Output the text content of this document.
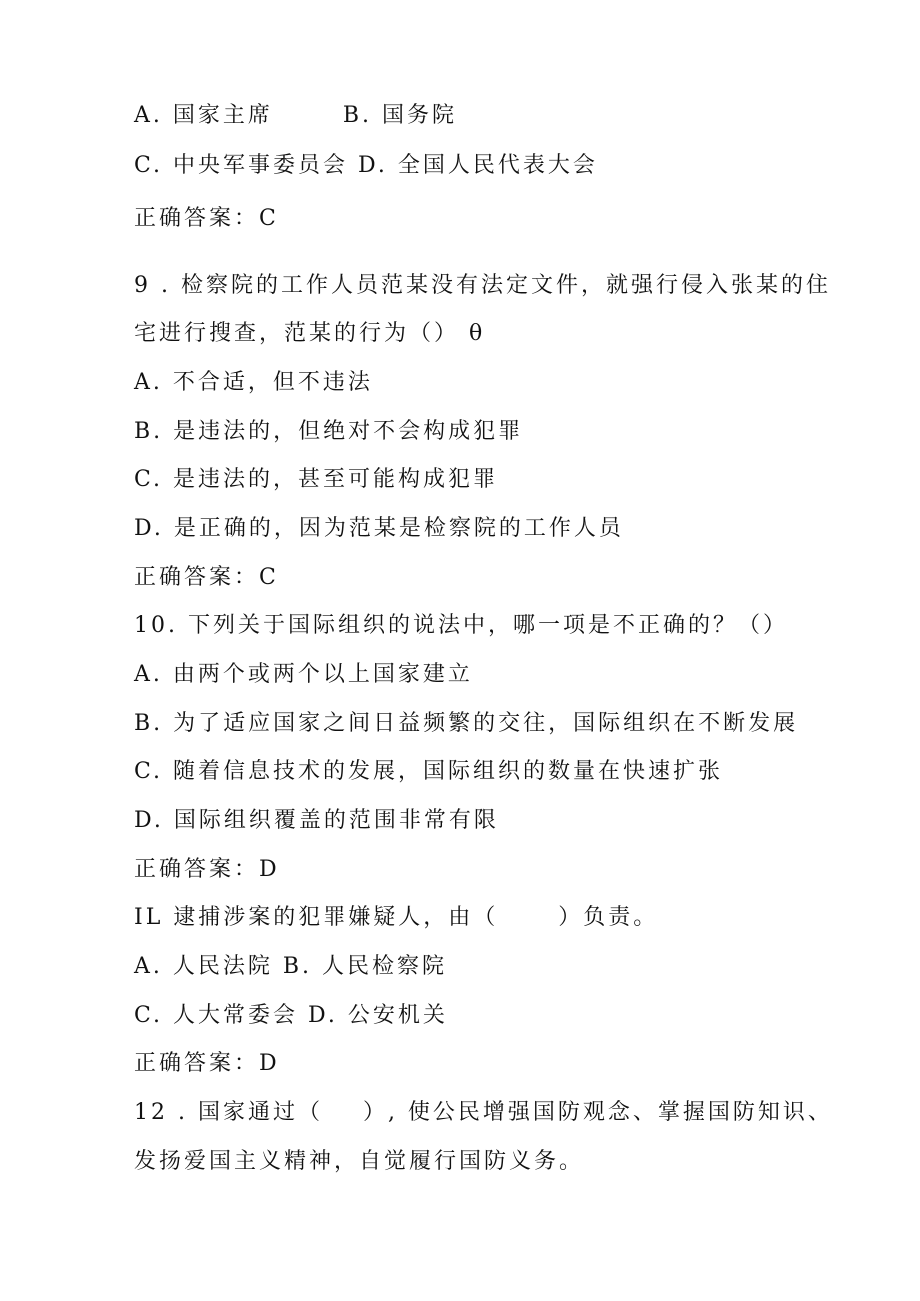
A. 国家主席       B. 国务院
C. 中央军事委员会 D. 全国人民代表大会
正确答案：C
9 . 检察院的工作人员范某没有法定文件，就强行侵入张某的住
宅进行搜查，范某的行为（） θ
A. 不合适，但不违法
B. 是违法的，但绝对不会构成犯罪
C. 是违法的，甚至可能构成犯罪
D. 是正确的，因为范某是检察院的工作人员
正确答案：C
10. 下列关于国际组织的说法中，哪一项是不正确的？（）
A. 由两个或两个以上国家建立
B. 为了适应国家之间日益频繁的交往，国际组织在不断发展
C. 随着信息技术的发展，国际组织的数量在快速扩张
D. 国际组织覆盖的范围非常有限
正确答案：D
IL 逮捕涉案的犯罪嫌疑人，由（      ）负责。
A. 人民法院 B. 人民检察院
C. 人大常委会 D. 公安机关
正确答案：D
12 . 国家通过（    ）, 使公民增强国防观念、掌握国防知识、
发扬爱国主义精神，自觉履行国防义务。
